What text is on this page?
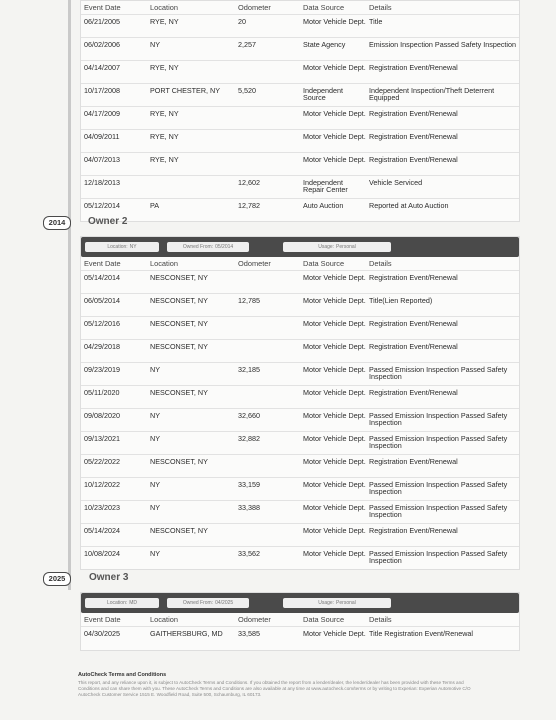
Event Date	Location	Odometer	Data Source	Details
06/21/2005	RYE, NY	20	Motor Vehicle Dept.	Title
06/02/2006	NY	2,257	State Agency	Emission Inspection Passed Safety Inspection
04/14/2007	RYE, NY		Motor Vehicle Dept.	Registration Event/Renewal
10/17/2008	PORT CHESTER, NY	5,520	Independent Source	Independent Inspection/Theft Deterrent Equipped
04/17/2009	RYE, NY		Motor Vehicle Dept.	Registration Event/Renewal
04/09/2011	RYE, NY		Motor Vehicle Dept.	Registration Event/Renewal
04/07/2013	RYE, NY		Motor Vehicle Dept.	Registration Event/Renewal
12/18/2013		12,602	Independent Repair Center	Vehicle Serviced
05/12/2014	PA	12,782	Auto Auction	Reported at Auto Auction
2014	Owner 2
Location: NY	Owned From: 05/2014	Usage: Personal
Event Date	Location	Odometer	Data Source	Details
05/14/2014	NESCONSET, NY		Motor Vehicle Dept.	Registration Event/Renewal
06/05/2014	NESCONSET, NY	12,785	Motor Vehicle Dept.	Title(Lien Reported)
05/12/2016	NESCONSET, NY		Motor Vehicle Dept.	Registration Event/Renewal
04/29/2018	NESCONSET, NY		Motor Vehicle Dept.	Registration Event/Renewal
09/23/2019	NY	32,185	Motor Vehicle Dept.	Passed Emission Inspection Passed Safety Inspection
05/11/2020	NESCONSET, NY		Motor Vehicle Dept.	Registration Event/Renewal
09/08/2020	NY	32,660	Motor Vehicle Dept.	Passed Emission Inspection Passed Safety Inspection
09/13/2021	NY	32,882	Motor Vehicle Dept.	Passed Emission Inspection Passed Safety Inspection
05/22/2022	NESCONSET, NY		Motor Vehicle Dept.	Registration Event/Renewal
10/12/2022	NY	33,159	Motor Vehicle Dept.	Passed Emission Inspection Passed Safety Inspection
10/23/2023	NY	33,388	Motor Vehicle Dept.	Passed Emission Inspection Passed Safety Inspection
05/14/2024	NESCONSET, NY		Motor Vehicle Dept.	Registration Event/Renewal
10/08/2024	NY	33,562	Motor Vehicle Dept.	Passed Emission Inspection Passed Safety Inspection
2025	Owner 3
Location: MD	Owned From: 04/2025	Usage: Personal
Event Date	Location	Odometer	Data Source	Details
04/30/2025	GAITHERSBURG, MD	33,585	Motor Vehicle Dept.	Title Registration Event/Renewal
AutoCheck Terms and Conditions
This report, and any reliance upon it, is subject to AutoCheck Terms and Conditions. If you obtained the report from a lender/dealer, the lender/dealer has been provided with these Terms and Conditions and can share them with you. These AutoCheck Terms and Conditions are also available at any time at www.autocheck.com/terms or by writing to Experian: Experian Automotive C/O AutoCheck Customer Service 1515 E. Woodfield Road, Suite 500, Schaumburg, IL 60173.
